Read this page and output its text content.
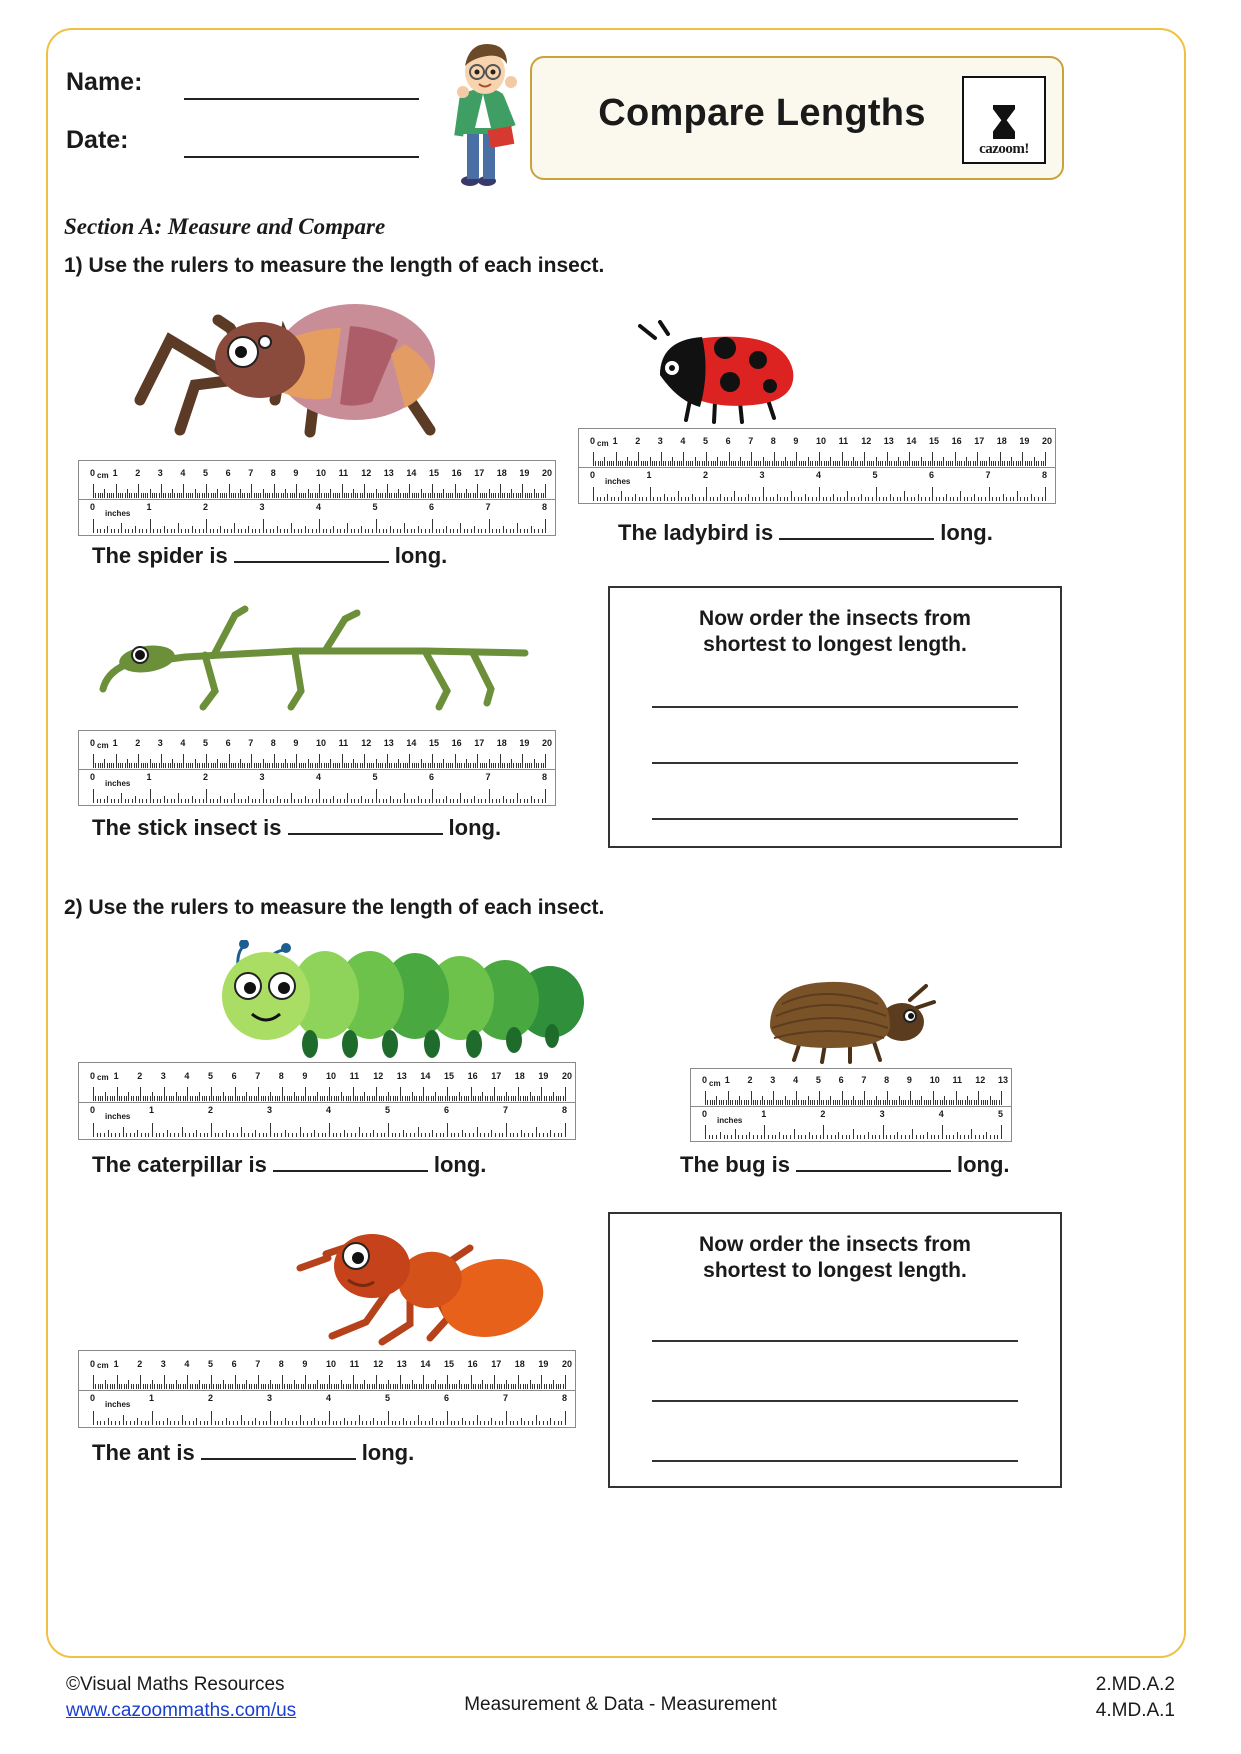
Name:
Date:
Compare Lengths
cazoom!
Section A: Measure and Compare
1) Use the rulers to measure the length of each insect.
2) Use the rulers to measure the length of each insect.
cm
inches
0 1 2 3 4 5 6 7 8 9 10 11 12 13 14 15 16 17 18 19 20
0	1	2	3	4	5	6	7	8
The spider is	long.
cm
inches
0 1 2 3 4 5 6 7 8 9 10 11 12 13 14 15 16 17 18 19 20
0	1	2	3	4	5	6	7	8
The ladybird is	long.
cm
inches
0 1 2 3 4 5 6 7 8 9 10 11 12 13 14 15 16 17 18 19 20
0	1	2	3	4	5	6	7	8
The stick insect is	long.
Now order the insects from
shortest to longest length.
cm
inches
0 1 2 3 4 5 6 7 8 9 10 11 12 13 14 15 16 17 18 19 20
0	1	2	3	4	5	6	7	8
The caterpillar is	long.
cm
inches
0 1 2 3 4 5 6 7 8 9 10 11 12 13
0	1	2	3	4	5
The bug is	long.
cm
inches
0 1 2 3 4 5 6 7 8 9 10 11 12 13 14 15 16 17 18 19 20
0	1	2	3	4	5	6	7	8
The ant is	long.
Now order the insects from
shortest to longest length.
©Visual Maths Resources
www.cazoommaths.com/us	Measurement & Data - Measurement
2.MD.A.2
4.MD.A.1
